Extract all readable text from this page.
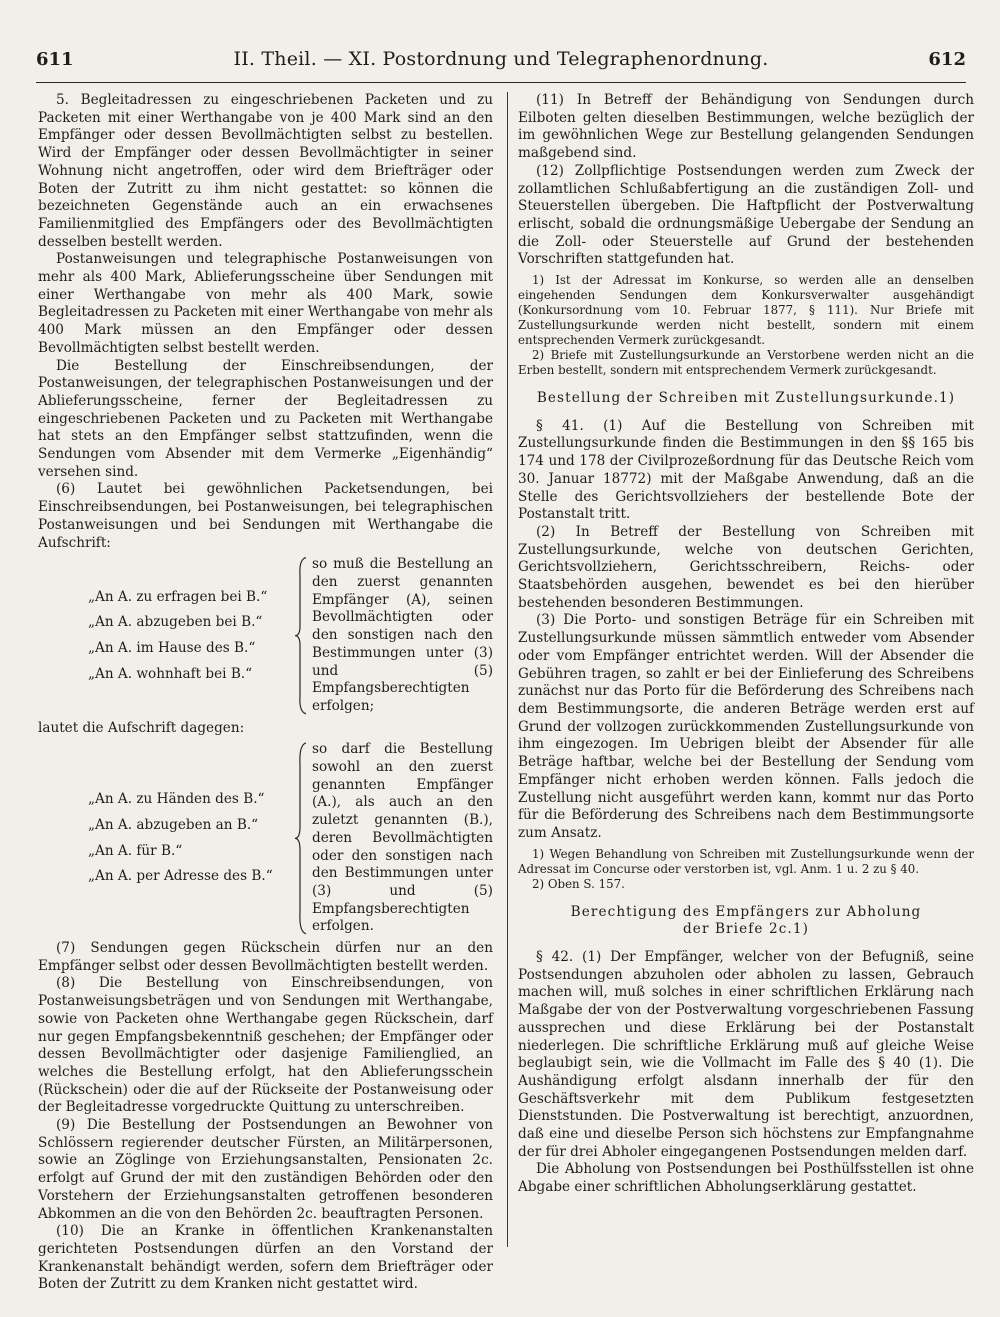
611	II. Theil. — XI. Postordnung und Telegraphenordnung.	612

5. Begleitadressen zu eingeschriebenen Packeten und zu Packeten mit einer Werthangabe von je 400 Mark sind an den Empfänger oder dessen Bevollmächtigten selbst zu bestellen. Wird der Empfänger oder dessen Bevollmächtigter in seiner Wohnung nicht angetroffen, oder wird dem Briefträger oder Boten der Zutritt zu ihm nicht gestattet: so können die bezeichneten Gegenstände auch an ein erwachsenes Familienmitglied des Empfängers oder des Bevollmächtigten desselben bestellt werden.

Postanweisungen und telegraphische Postanweisungen von mehr als 400 Mark, Ablieferungsscheine über Sendungen mit einer Werthangabe von mehr als 400 Mark, sowie Begleitadressen zu Packeten mit einer Werthangabe von mehr als 400 Mark müssen an den Empfänger oder dessen Bevollmächtigten selbst bestellt werden.

Die Bestellung der Einschreibsendungen, der Postanweisungen, der telegraphischen Postanweisungen und der Ablieferungsscheine, ferner der Begleitadressen zu eingeschriebenen Packeten und zu Packeten mit Werthangabe hat stets an den Empfänger selbst stattzufinden, wenn die Sendungen vom Absender mit dem Vermerke „Eigenhändig“ versehen sind.

(6) Lautet bei gewöhnlichen Packetsendungen, bei Einschreibsendungen, bei Postanweisungen, bei telegraphischen Postanweisungen und bei Sendungen mit Werthangabe die Aufschrift:

„An A. zu erfragen bei B.“
„An A. abzugeben bei B.“
„An A. im Hause des B.“
„An A. wohnhaft bei B.“
so muß die Bestellung an den zuerst genannten Empfänger (A), seinen Bevollmächtigten oder den sonstigen nach den Bestimmungen unter (3) und (5) Empfangsberechtigten erfolgen;

lautet die Aufschrift dagegen:

„An A. zu Händen des B.“
„An A. abzugeben an B.“
„An A. für B.“
„An A. per Adresse des B.“
so darf die Bestellung sowohl an den zuerst genannten Empfänger (A.), als auch an den zuletzt genannten (B.), deren Bevollmächtigten oder den sonstigen nach den Bestimmungen unter (3) und (5) Empfangsberechtigten erfolgen.

(7) Sendungen gegen Rückschein dürfen nur an den Empfänger selbst oder dessen Bevollmächtigten bestellt werden.

(8) Die Bestellung von Einschreibsendungen, von Postanweisungsbeträgen und von Sendungen mit Werthangabe, sowie von Packeten ohne Werthangabe gegen Rückschein, darf nur gegen Empfangsbekenntniß geschehen; der Empfänger oder dessen Bevollmächtigter oder dasjenige Familienglied, an welches die Bestellung erfolgt, hat den Ablieferungsschein (Rückschein) oder die auf der Rückseite der Postanweisung oder der Begleitadresse vorgedruckte Quittung zu unterschreiben.

(9) Die Bestellung der Postsendungen an Bewohner von Schlössern regierender deutscher Fürsten, an Militärpersonen, sowie an Zöglinge von Erziehungsanstalten, Pensionaten 2c. erfolgt auf Grund der mit den zuständigen Behörden oder den Vorstehern der Erziehungsanstalten getroffenen besonderen Abkommen an die von den Behörden 2c. beauftragten Personen.

(10) Die an Kranke in öffentlichen Krankenanstalten gerichteten Postsendungen dürfen an den Vorstand der Krankenanstalt behändigt werden, sofern dem Briefträger oder Boten der Zutritt zu dem Kranken nicht gestattet wird.

(11) In Betreff der Behändigung von Sendungen durch Eilboten gelten dieselben Bestimmungen, welche bezüglich der im gewöhnlichen Wege zur Bestellung gelangenden Sendungen maßgebend sind.

(12) Zollpflichtige Postsendungen werden zum Zweck der zollamtlichen Schlußabfertigung an die zuständigen Zoll- und Steuerstellen übergeben. Die Haftpflicht der Postverwaltung erlischt, sobald die ordnungsmäßige Uebergabe der Sendung an die Zoll- oder Steuerstelle auf Grund der bestehenden Vorschriften stattgefunden hat.

1) Ist der Adressat im Konkurse, so werden alle an denselben eingehenden Sendungen dem Konkursverwalter ausgehändigt (Konkursordnung vom 10. Februar 1877, § 111). Nur Briefe mit Zustellungsurkunde werden nicht bestellt, sondern mit einem entsprechenden Vermerk zurückgesandt.

2) Briefe mit Zustellungsurkunde an Verstorbene werden nicht an die Erben bestellt, sondern mit entsprechendem Vermerk zurückgesandt.

Bestellung der Schreiben mit Zustellungsurkunde.1)

§ 41. (1) Auf die Bestellung von Schreiben mit Zustellungsurkunde finden die Bestimmungen in den §§ 165 bis 174 und 178 der Civilprozeßordnung für das Deutsche Reich vom 30. Januar 18772) mit der Maßgabe Anwendung, daß an die Stelle des Gerichtsvollziehers der bestellende Bote der Postanstalt tritt.

(2) In Betreff der Bestellung von Schreiben mit Zustellungsurkunde, welche von deutschen Gerichten, Gerichtsvollziehern, Gerichtsschreibern, Reichs- oder Staatsbehörden ausgehen, bewendet es bei den hierüber bestehenden besonderen Bestimmungen.

(3) Die Porto- und sonstigen Beträge für ein Schreiben mit Zustellungsurkunde müssen sämmtlich entweder vom Absender oder vom Empfänger entrichtet werden. Will der Absender die Gebühren tragen, so zahlt er bei der Einlieferung des Schreibens zunächst nur das Porto für die Beförderung des Schreibens nach dem Bestimmungsorte, die anderen Beträge werden erst auf Grund der vollzogen zurückkommenden Zustellungsurkunde von ihm eingezogen. Im Uebrigen bleibt der Absender für alle Beträge haftbar, welche bei der Bestellung der Sendung vom Empfänger nicht erhoben werden können. Falls jedoch die Zustellung nicht ausgeführt werden kann, kommt nur das Porto für die Beförderung des Schreibens nach dem Bestimmungsorte zum Ansatz.

1) Wegen Behandlung von Schreiben mit Zustellungsurkunde wenn der Adressat im Concurse oder verstorben ist, vgl. Anm. 1 u. 2 zu § 40.

2) Oben S. 157.

Berechtigung des Empfängers zur Abholung
der Briefe 2c.1)

§ 42. (1) Der Empfänger, welcher von der Befugniß, seine Postsendungen abzuholen oder abholen zu lassen, Gebrauch machen will, muß solches in einer schriftlichen Erklärung nach Maßgabe der von der Postverwaltung vorgeschriebenen Fassung aussprechen und diese Erklärung bei der Postanstalt niederlegen. Die schriftliche Erklärung muß auf gleiche Weise beglaubigt sein, wie die Vollmacht im Falle des § 40 (1). Die Aushändigung erfolgt alsdann innerhalb der für den Geschäftsverkehr mit dem Publikum festgesetzten Dienststunden. Die Postverwaltung ist berechtigt, anzuordnen, daß eine und dieselbe Person sich höchstens zur Empfangnahme der für drei Abholer eingegangenen Postsendungen melden darf.

Die Abholung von Postsendungen bei Posthülfsstellen ist ohne Abgabe einer schriftlichen Abholungserklärung gestattet.
